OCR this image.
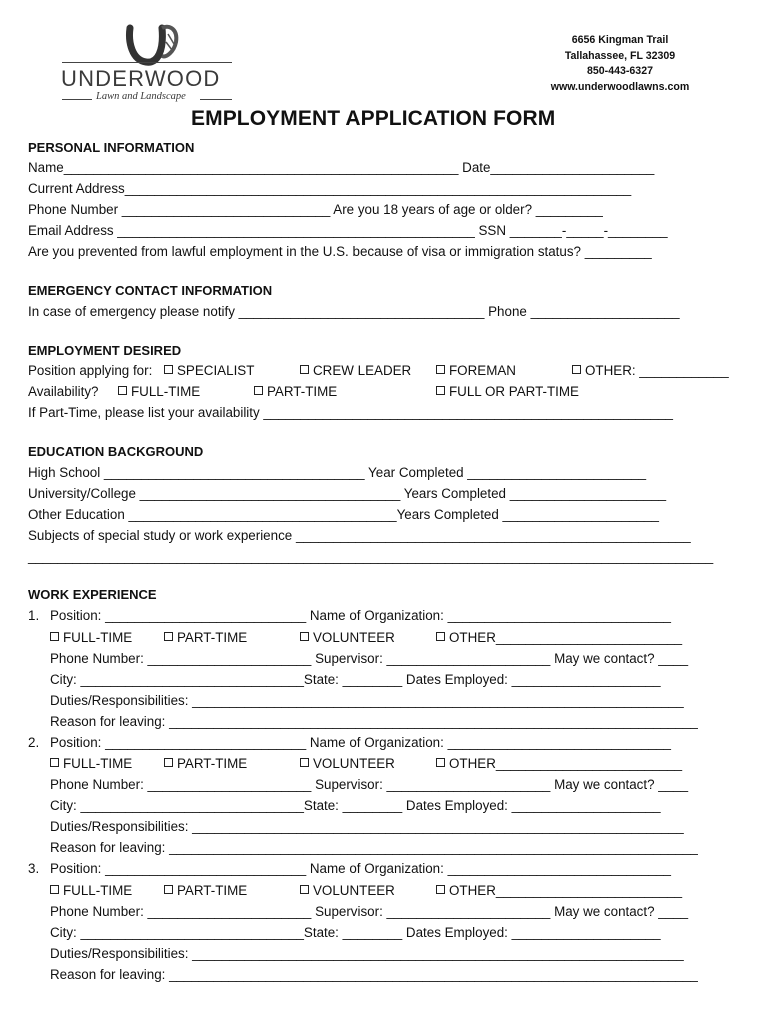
UNDERWOOD
Lawn and Landscape
6656 Kingman Trail
Tallahassee, FL 32309
850-443-6327
www.underwoodlawns.com
EMPLOYMENT APPLICATION FORM
PERSONAL INFORMATION
Name_____________________________________________________ Date______________________
Current Address____________________________________________________________________
Phone Number ____________________________ Are you 18 years of age or older? _________
Email Address ________________________________________________ SSN _______-_____-________
Are you prevented from lawful employment in the U.S. because of visa or immigration status? _________
EMERGENCY CONTACT INFORMATION
In case of emergency please notify _________________________________ Phone ____________________
EMPLOYMENT DESIRED
Position applying for:	SPECIALIST	CREW LEADER	FOREMAN	OTHER: ____________
Availability?	FULL-TIME	PART-TIME	FULL OR PART-TIME
If Part-Time, please list your availability _______________________________________________________
EDUCATION BACKGROUND
High School ___________________________________ Year Completed ________________________
University/College ___________________________________ Years Completed _____________________
Other Education ____________________________________Years Completed _____________________
Subjects of special study or work experience _____________________________________________________
____________________________________________________________________________________________
WORK EXPERIENCE
1. Position: ___________________________ Name of Organization: ______________________________
FULL-TIME	PART-TIME	VOLUNTEER	OTHER_________________________
Phone Number: ______________________ Supervisor: ______________________ May we contact? ____
City: ______________________________State: ________ Dates Employed: ____________________
Duties/Responsibilities: __________________________________________________________________
Reason for leaving: _______________________________________________________________________
2. Position: ___________________________ Name of Organization: ______________________________
FULL-TIME	PART-TIME	VOLUNTEER	OTHER_________________________
Phone Number: ______________________ Supervisor: ______________________ May we contact? ____
City: ______________________________State: ________ Dates Employed: ____________________
Duties/Responsibilities: __________________________________________________________________
Reason for leaving: _______________________________________________________________________
3. Position: ___________________________ Name of Organization: ______________________________
FULL-TIME	PART-TIME	VOLUNTEER	OTHER_________________________
Phone Number: ______________________ Supervisor: ______________________ May we contact? ____
City: ______________________________State: ________ Dates Employed: ____________________
Duties/Responsibilities: __________________________________________________________________
Reason for leaving: _______________________________________________________________________
